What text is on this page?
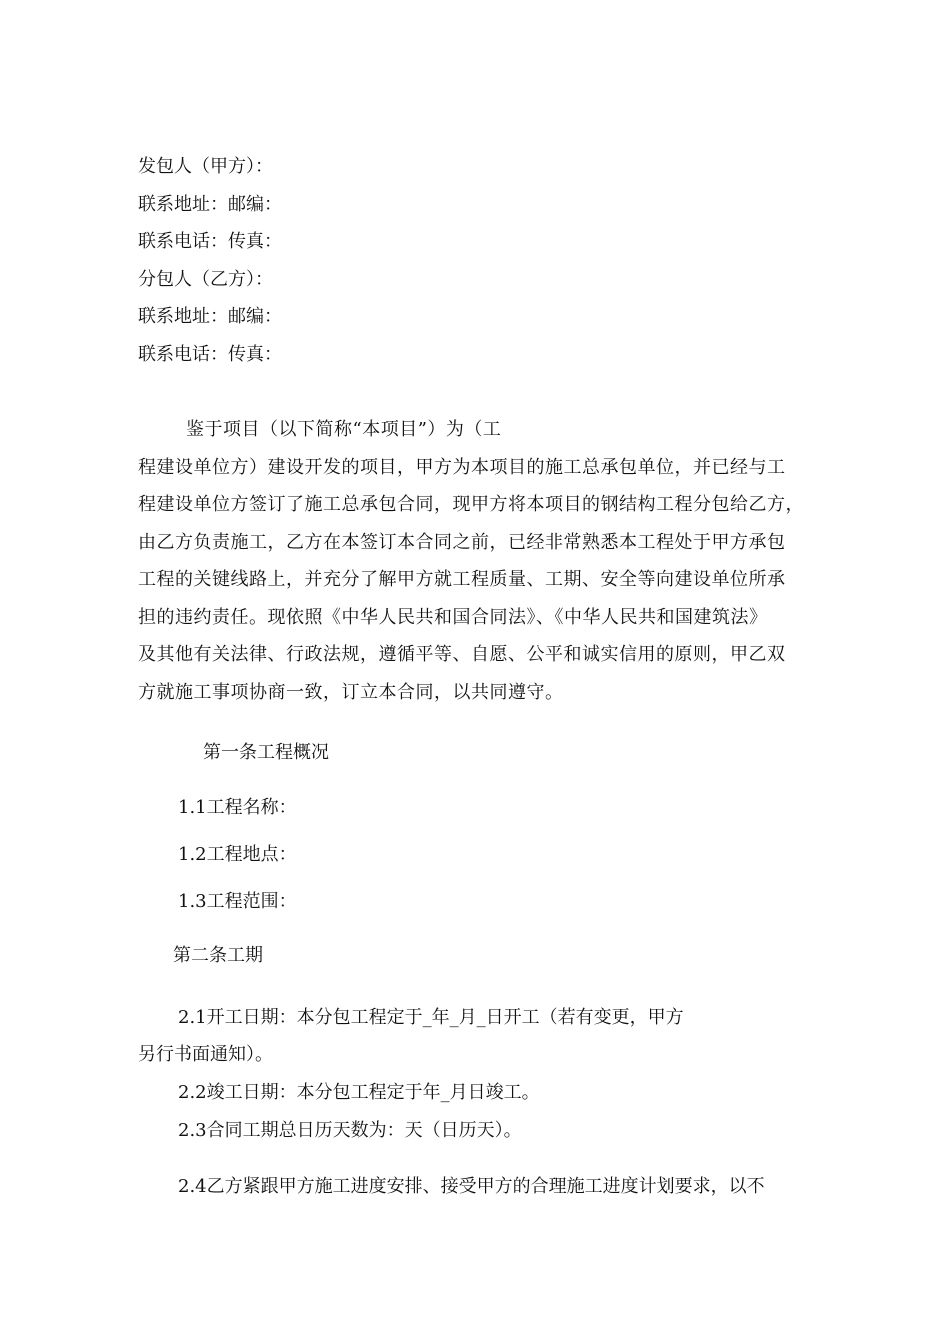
发包人（甲方）：
联系地址：邮编：
联系电话：传真：
分包人（乙方）：
联系地址：邮编：
联系电话：传真：
鉴于项目（以下简称“本项目”）为（工
程建设单位方）建设开发的项目，甲方为本项目的施工总承包单位，并已经与工
程建设单位方签订了施工总承包合同，现甲方将本项目的钢结构工程分包给乙方，
由乙方负责施工，乙方在本签订本合同之前，已经非常熟悉本工程处于甲方承包
工程的关键线路上，并充分了解甲方就工程质量、工期、安全等向建设单位所承
担的违约责任。现依照《中华人民共和国合同法》、《中华人民共和国建筑法》
及其他有关法律、行政法规，遵循平等、自愿、公平和诚实信用的原则，甲乙双
方就施工事项协商一致，订立本合同，以共同遵守。
第一条工程概况
1.1工程名称：
1.2工程地点：
1.3工程范围：
第二条工期
2.1开工日期：本分包工程定于_年_月_日开工（若有变更，甲方
另行书面通知）。
2.2竣工日期：本分包工程定于年_月日竣工。
2.3合同工期总日历天数为：天（日历天）。
2.4乙方紧跟甲方施工进度安排、接受甲方的合理施工进度计划要求，以不
